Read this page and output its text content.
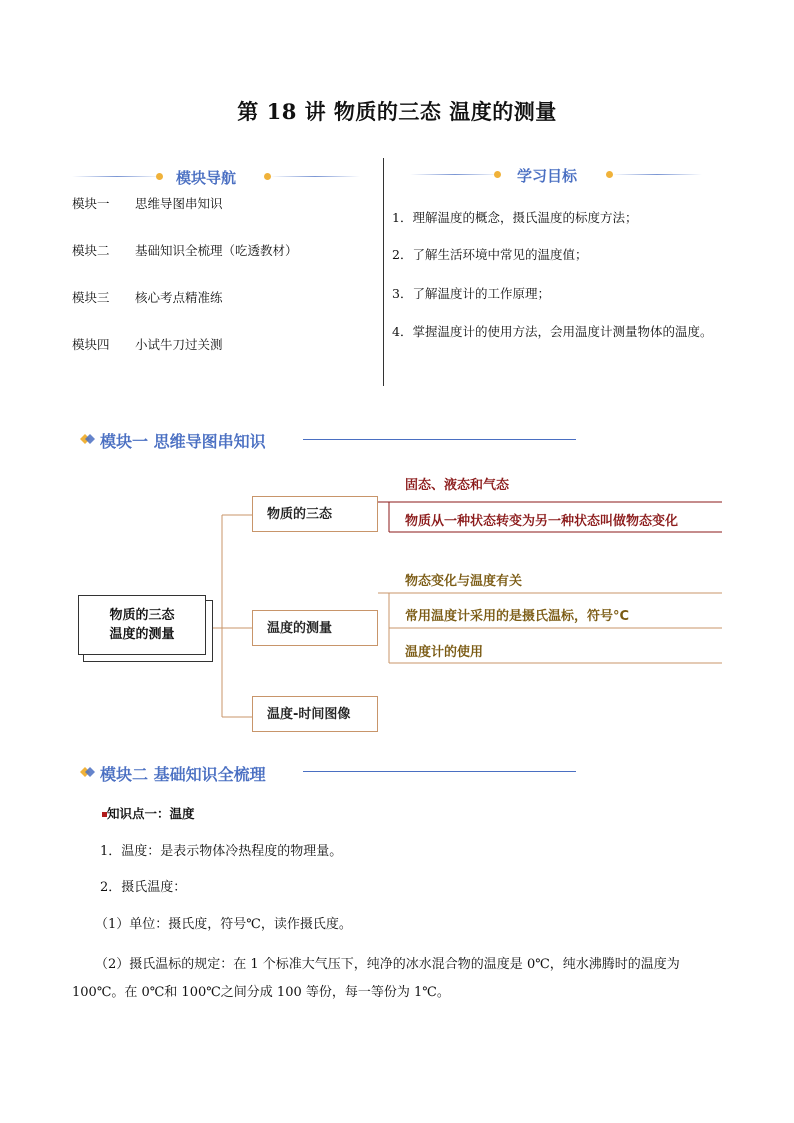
第 18 讲 物质的三态 温度的测量
模块导航
模块一 思维导图串知识
模块二 基础知识全梳理（吃透教材）
模块三 核心考点精准练
模块四 小试牛刀过关测
学习目标
1．理解温度的概念，摄氏温度的标度方法；
2．了解生活环境中常见的温度值；
3．了解温度计的工作原理；
4．掌握温度计的使用方法，会用温度计测量物体的温度。
模块一 思维导图串知识
物质的三态
温度的测量
物质的三态
固态、液态和气态
物质从一种状态转变为另一种状态叫做物态变化
温度的测量
物态变化与温度有关
常用温度计采用的是摄氏温标，符号°C
温度计的使用
温度-时间图像
模块二 基础知识全梳理
知识点一：温度
1．温度：是表示物体冷热程度的物理量。
2．摄氏温度：
（1）单位：摄氏度，符号℃，读作摄氏度。
（2）摄氏温标的规定：在 1 个标准大气压下，纯净的冰水混合物的温度是 0℃，纯水沸腾时的温度为
100℃。在 0℃和 100℃之间分成 100 等份，每一等份为 1℃。
